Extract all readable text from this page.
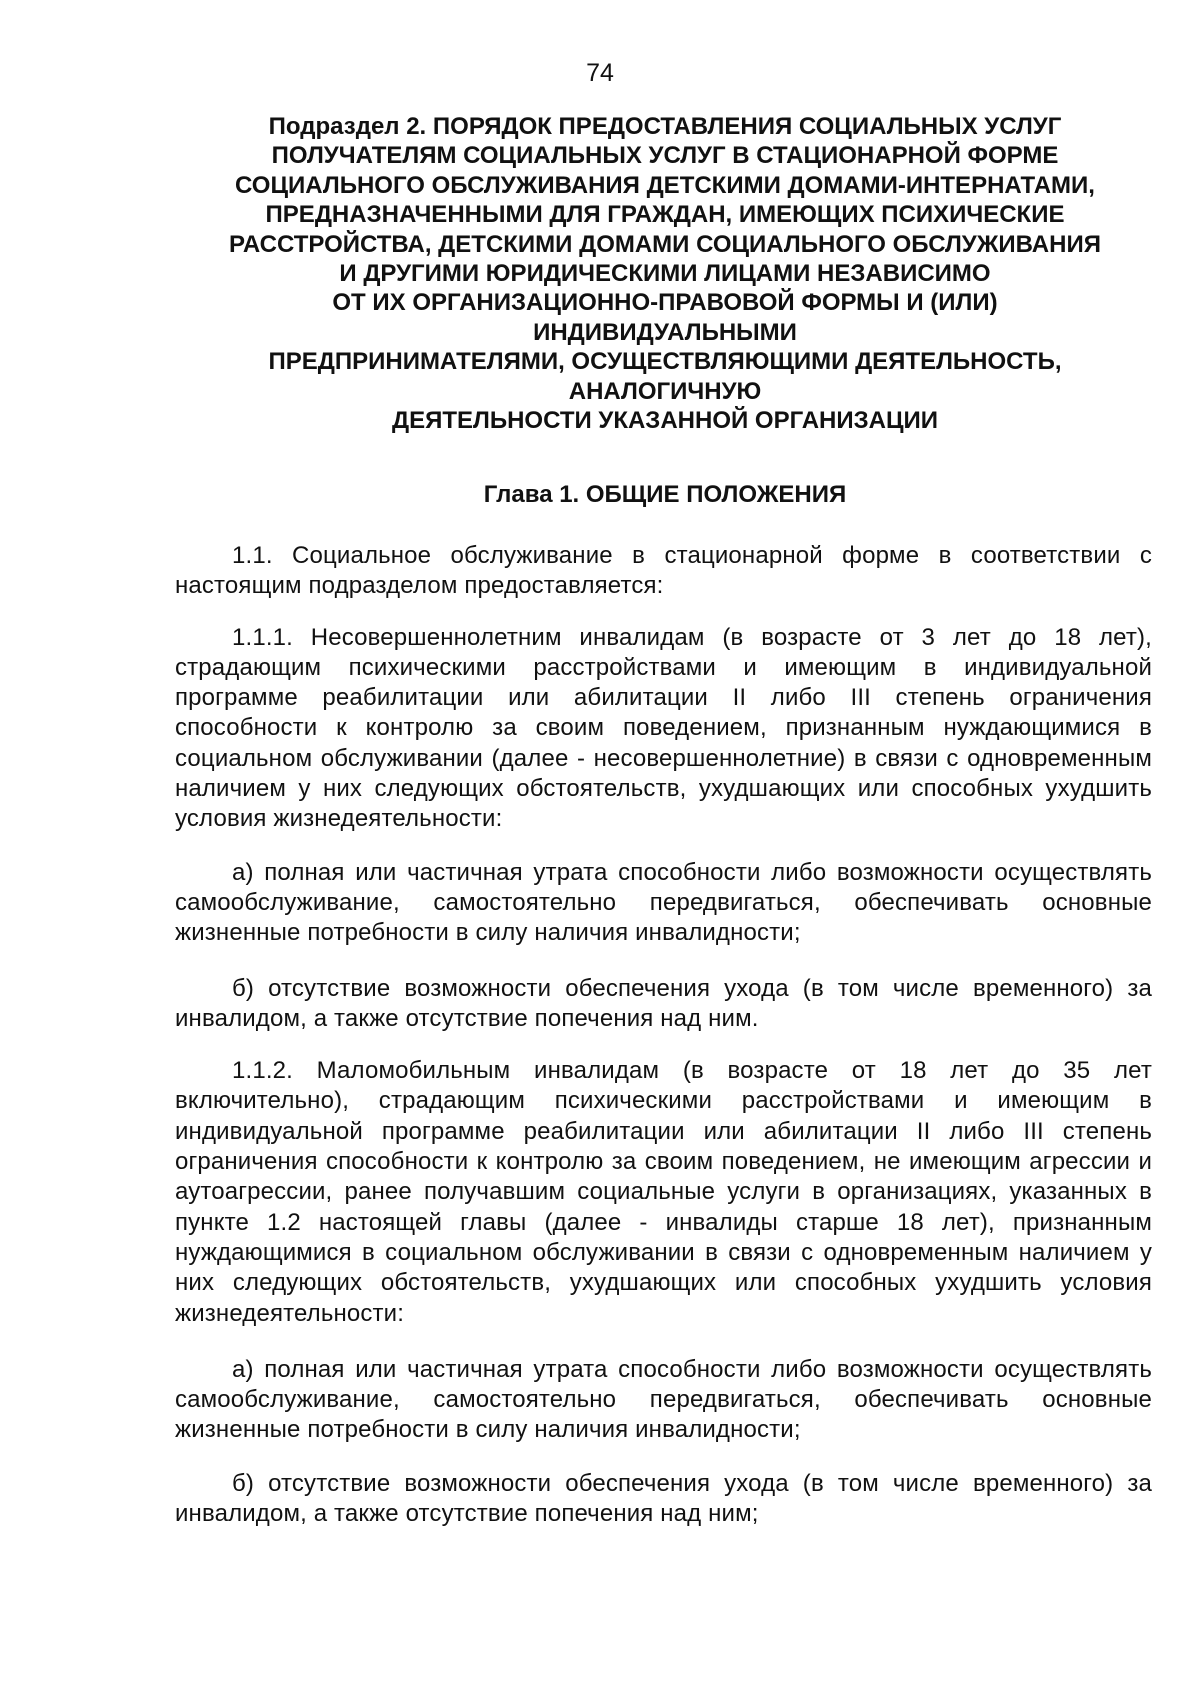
74
Подраздел 2. ПОРЯДОК ПРЕДОСТАВЛЕНИЯ СОЦИАЛЬНЫХ УСЛУГ
ПОЛУЧАТЕЛЯМ СОЦИАЛЬНЫХ УСЛУГ В СТАЦИОНАРНОЙ ФОРМЕ
СОЦИАЛЬНОГО ОБСЛУЖИВАНИЯ ДЕТСКИМИ ДОМАМИ-ИНТЕРНАТАМИ,
ПРЕДНАЗНАЧЕННЫМИ ДЛЯ ГРАЖДАН, ИМЕЮЩИХ ПСИХИЧЕСКИЕ
РАССТРОЙСТВА, ДЕТСКИМИ ДОМАМИ СОЦИАЛЬНОГО ОБСЛУЖИВАНИЯ
И ДРУГИМИ ЮРИДИЧЕСКИМИ ЛИЦАМИ НЕЗАВИСИМО
ОТ ИХ ОРГАНИЗАЦИОННО-ПРАВОВОЙ ФОРМЫ И (ИЛИ)
ИНДИВИДУАЛЬНЫМИ
ПРЕДПРИНИМАТЕЛЯМИ, ОСУЩЕСТВЛЯЮЩИМИ ДЕЯТЕЛЬНОСТЬ,
АНАЛОГИЧНУЮ
ДЕЯТЕЛЬНОСТИ УКАЗАННОЙ ОРГАНИЗАЦИИ
Глава 1. ОБЩИЕ ПОЛОЖЕНИЯ

1.1. Социальное обслуживание в стационарной форме в соответствии с настоящим подразделом предоставляется:

1.1.1. Несовершеннолетним инвалидам (в возрасте от 3 лет до 18 лет), страдающим психическими расстройствами и имеющим в индивидуальной программе реабилитации или абилитации II либо III степень ограничения способности к контролю за своим поведением, признанным нуждающимися в социальном обслуживании (далее - несовершеннолетние) в связи с одновременным наличием у них следующих обстоятельств, ухудшающих или способных ухудшить условия жизнедеятельности:

а) полная или частичная утрата способности либо возможности осуществлять самообслуживание, самостоятельно передвигаться, обеспечивать основные жизненные потребности в силу наличия инвалидности;

б) отсутствие возможности обеспечения ухода (в том числе временного) за инвалидом, а также отсутствие попечения над ним.

1.1.2. Маломобильным инвалидам (в возрасте от 18 лет до 35 лет включительно), страдающим психическими расстройствами и имеющим в индивидуальной программе реабилитации или абилитации II либо III степень ограничения способности к контролю за своим поведением, не имеющим агрессии и аутоагрессии, ранее получавшим социальные услуги в организациях, указанных в пункте 1.2 настоящей главы (далее - инвалиды старше 18 лет), признанным нуждающимися в социальном обслуживании в связи с одновременным наличием у них следующих обстоятельств, ухудшающих или способных ухудшить условия жизнедеятельности:

а) полная или частичная утрата способности либо возможности осуществлять самообслуживание, самостоятельно передвигаться, обеспечивать основные жизненные потребности в силу наличия инвалидности;

б) отсутствие возможности обеспечения ухода (в том числе временного) за инвалидом, а также отсутствие попечения над ним;
